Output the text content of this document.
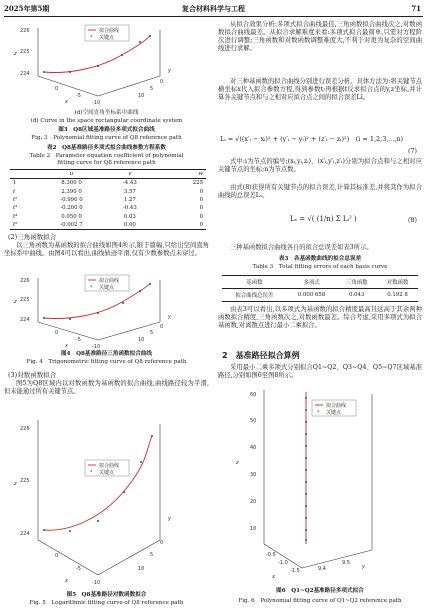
2025年第5期	复合材料科学与工程	71
226
225
224
z
0
-5
-10
x
10
5
0
y
拟合曲线
* 关键点
(d)空间直角坐标系中曲线
(d) Curve in the space rectangular coordinate system
图3　Q8区域基准路径多项式拟合曲线
Fig. 3　Polynomial fitting curve of Q8 reference path
表2　Q8基准路径多项式拟合曲线参数方程系数
Table 2　Parameter equation coefficient of polynomial
fitting curve for Q8 reference path
	u	v	w
1	8.300 0	-4.43	225
t	2.390 0	3.57	0
t²	-0.990 0	1.27	0
t³	-0.200 0	-0.43	0
t⁴	0.050 0	0.03	0
t⁵	-0.002 7	0.00	0
(2)三角函数拟合

以三角函数为基函数的拟合曲线如图4所示,限于篇幅,只给出空间直角坐标系中曲线。由图4可以看出,曲线轨迹平滑,仅有少数参数点未穿过。

226
225
224
z
0
-5
-10
x
10
5
0
y
拟合曲线
* 关键点
图4　Q8基准路径三角函数拟合曲线
Fig. 4　Trigonometric fitting curve of Q8 reference path
(3)对数函数拟合

图5为Q8区域内以对数函数为基函数的拟合曲线,曲线路径较为平滑,但未能通过所有关键节点。

226
225
224
z
0
-5
-10
x
10
5
0
y
拟合曲线
* 关键点
图5　Q8基准路径对数函数拟合
Fig. 5　Logarithmic fitting curve of Q8 reference path

从拟合效果分析:多项式拟合曲线最佳,三角函数拟合曲线次之,对数函数拟合曲线最差。从拟合求解难度来看:多项式拟合最简单,只需对方程阶次进行调整;三角函数和对数函数调整难度大,不利于对更为复杂的空间曲线进行求解。

对三种基函数的拟合曲线分别进行误差分析。具体方法为:将关键节点横坐标x代入拟合参数方程,得到参数t;再根据t反求拟合点的y,z坐标,并计算各关键节点和与之相对应拟合点之间的拟合误差Li。

Lᵢ = √((x′ᵢ − xᵢ)² + (y′ᵢ − yᵢ)² + (z′ᵢ − zᵢ)²)　(i = 1,2,3,⋯,n)
(7)

式中:i为节点的编号;(xᵢ,yᵢ,zᵢ)、(x′ᵢ,y′ᵢ,z′ᵢ)分别为拟合点和与之相对应关键节点的坐标;n为节点数。

由式(8)获得所有关键节点的拟合误差,计算其标准差,并将其作为拟合曲线的总误差Lₛ。

Lₛ = √( (1/n) Σ Lᵢ² )	(8)

三种基函数拟合曲线各自的拟合总误差如表3所示。

表3　各基函数曲线的拟合总误差
Table 3　Total fitting errors of each basis curve
基函数	多项式	三角函数	对数函数
拟合曲线总误差	0.000 658	0.043	0.192 8

由表3可以看出,以多项式为基函数的拟合精度最高且远高于其余两种函数拟合精度,三角函数次之,对数函数最差。综合考虑,采用多项式为拟合基函数,对离散点进行最小二乘拟合。

2　基准路径拟合算例

采用最小二乘多项式分别拟合Q1~Q2、Q3~Q4、Q5~Q7区域基准路径,分别如图6至图8所示。

60
50
40
30
20
10
z
-0.5
-1.0
-1.5
x
9.4
9.5
y
拟合曲线
* 关键点
图6　Q1~Q2基准路径多项式拟合
Fig. 6　Polynomial fitting curve of Q1~Q2 reference path
